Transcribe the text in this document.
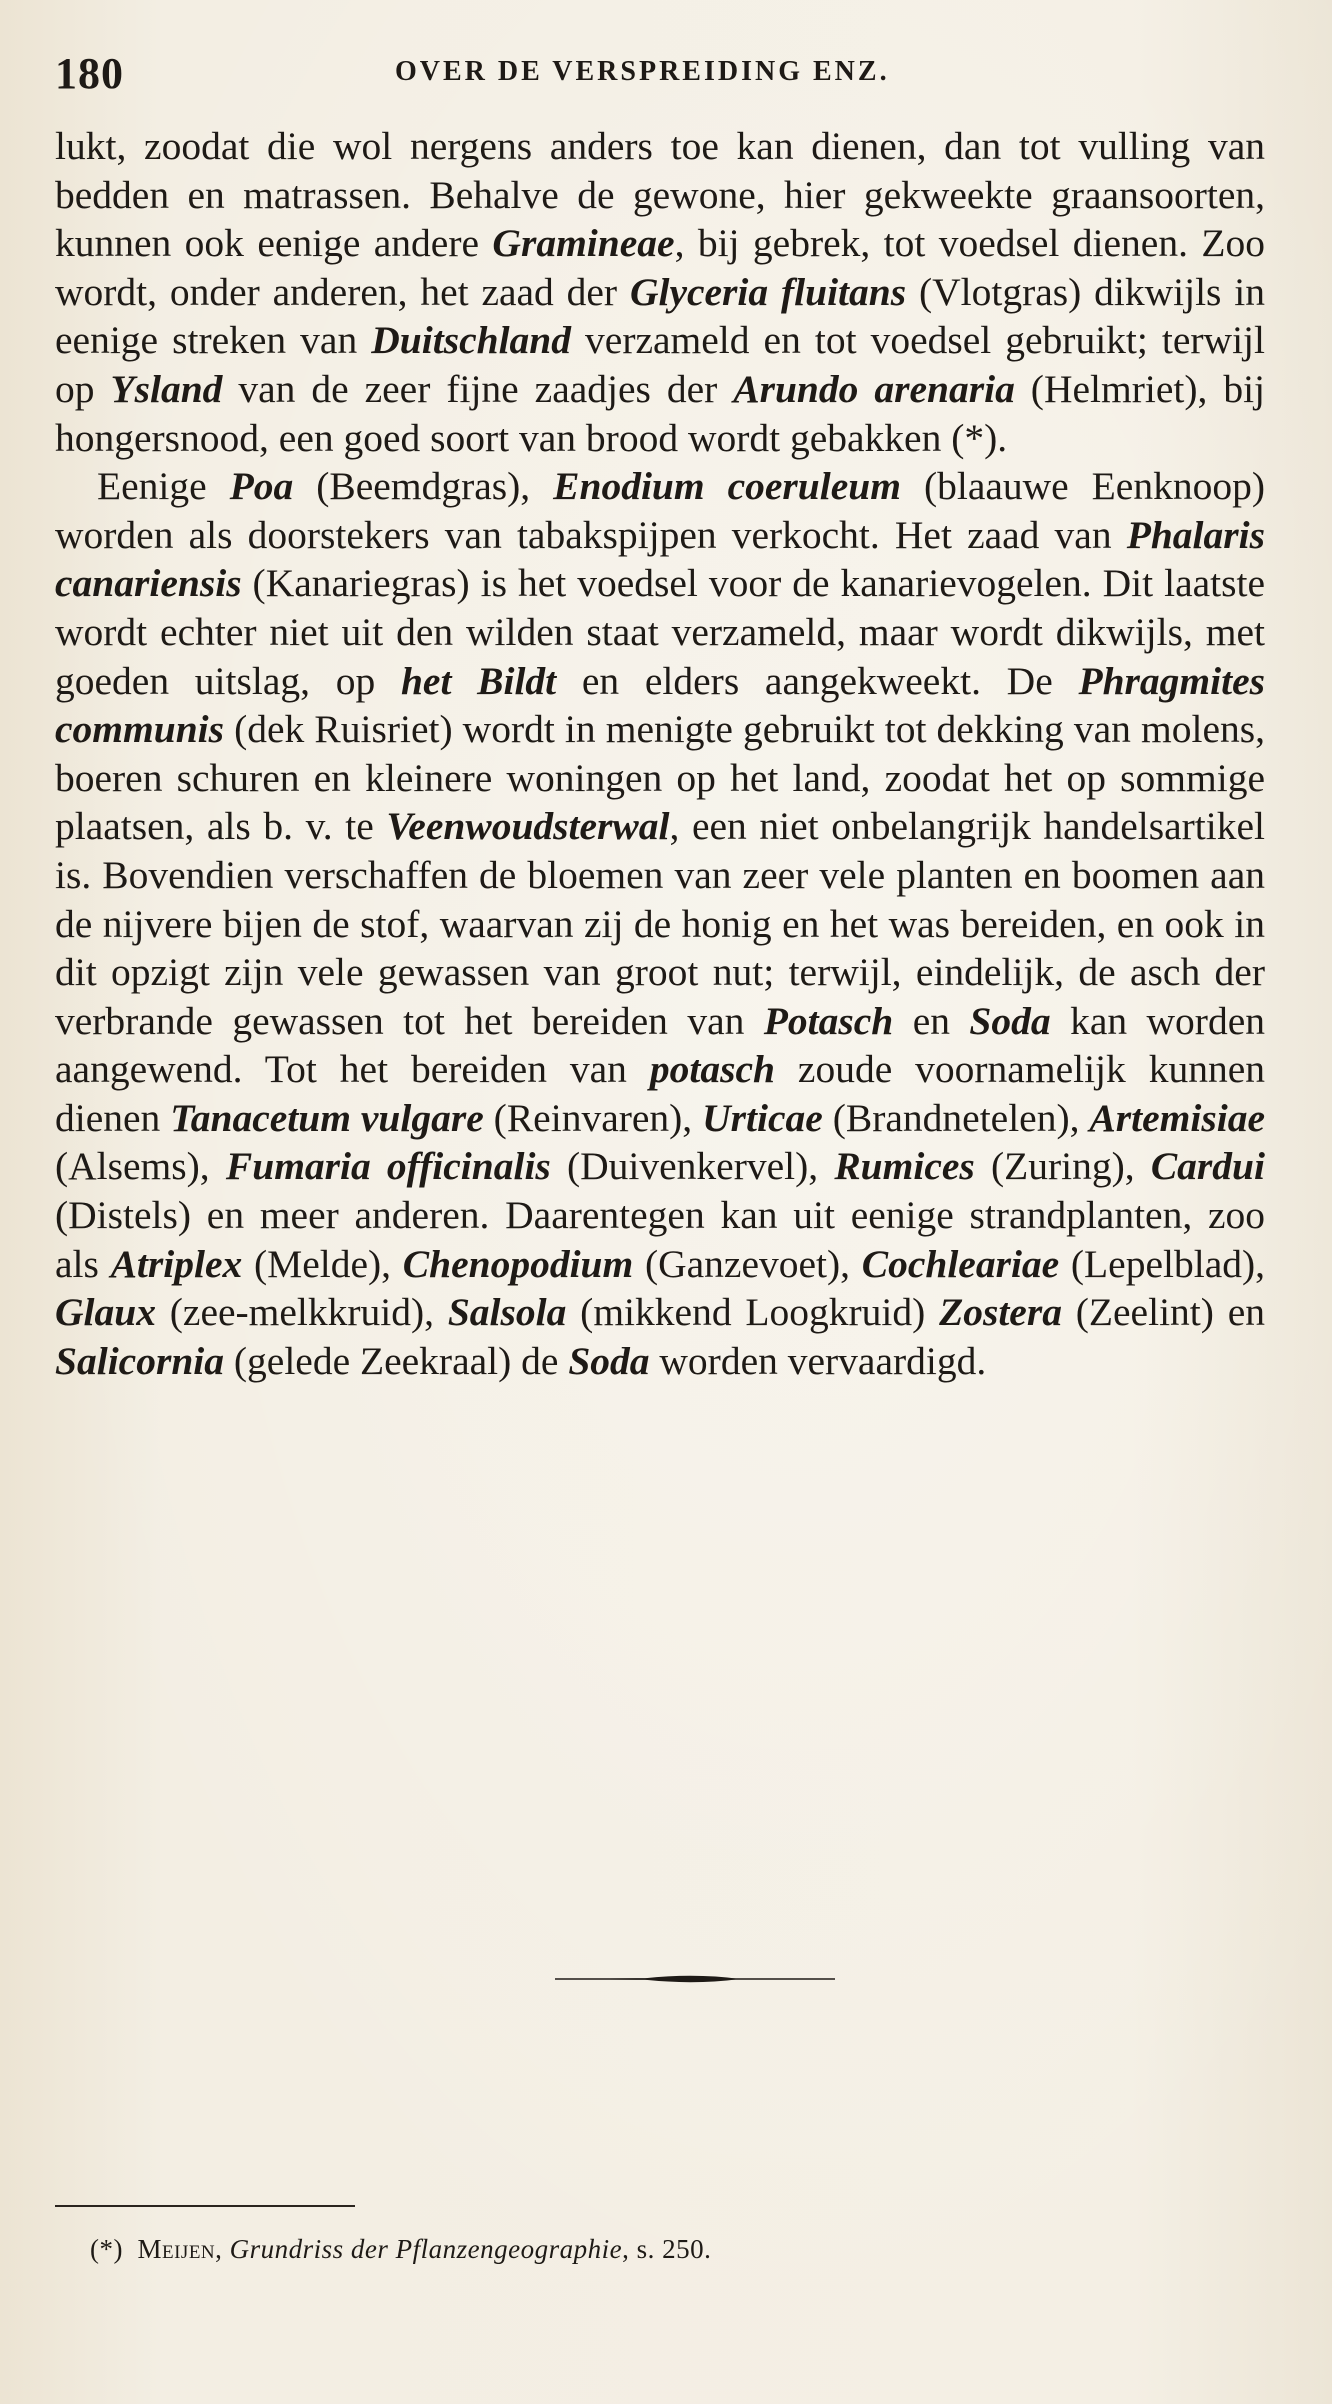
180	OVER DE VERSPREIDING ENZ.

lukt, zoodat die wol nergens anders toe kan dienen, dan tot vulling van bedden en matrassen. Behalve de gewone, hier gekweekte graansoorten, kunnen ook eenige andere Gramineae, bij gebrek, tot voedsel dienen. Zoo wordt, onder anderen, het zaad der Glyceria fluitans (Vlotgras) dikwijls in eenige streken van Duitschland verzameld en tot voedsel gebruikt; terwijl op Ysland van de zeer fijne zaadjes der Arundo arenaria (Helmriet), bij hongersnood, een goed soort van brood wordt gebakken (*).

Eenige Poa (Beemdgras), Enodium coeruleum (blaauwe Eenknoop) worden als doorstekers van tabakspijpen verkocht. Het zaad van Phalaris canariensis (Kanariegras) is het voedsel voor de kanarievogelen. Dit laatste wordt echter niet uit den wilden staat verzameld, maar wordt dikwijls, met goeden uitslag, op het Bildt en elders aangekweekt. De Phragmites communis (dek Ruisriet) wordt in menigte gebruikt tot dekking van molens, boeren schuren en kleinere woningen op het land, zoodat het op sommige plaatsen, als b. v. te Veenwoudsterwal, een niet onbelangrijk handelsartikel is. Bovendien verschaffen de bloemen van zeer vele planten en boomen aan de nijvere bijen de stof, waarvan zij de honig en het was bereiden, en ook in dit opzigt zijn vele gewassen van groot nut; terwijl, eindelijk, de asch der verbrande gewassen tot het bereiden van Potasch en Soda kan worden aangewend. Tot het bereiden van potasch zoude voornamelijk kunnen dienen Tanacetum vulgare (Reinvaren), Urticae (Brandnetelen), Artemisiae (Alsems), Fumaria officinalis (Duivenkervel), Rumices (Zuring), Cardui (Distels) en meer anderen. Daarentegen kan uit eenige strandplanten, zoo als Atriplex (Melde), Chenopodium (Ganzevoet), Cochleariae (Lepelblad), Glaux (zee-melkkruid), Salsola (mikkend Loogkruid) Zostera (Zeelint) en Salicornia (gelede Zeekraal) de Soda worden vervaardigd.

(*) Meijen, Grundriss der Pflanzengeographie, s. 250.
